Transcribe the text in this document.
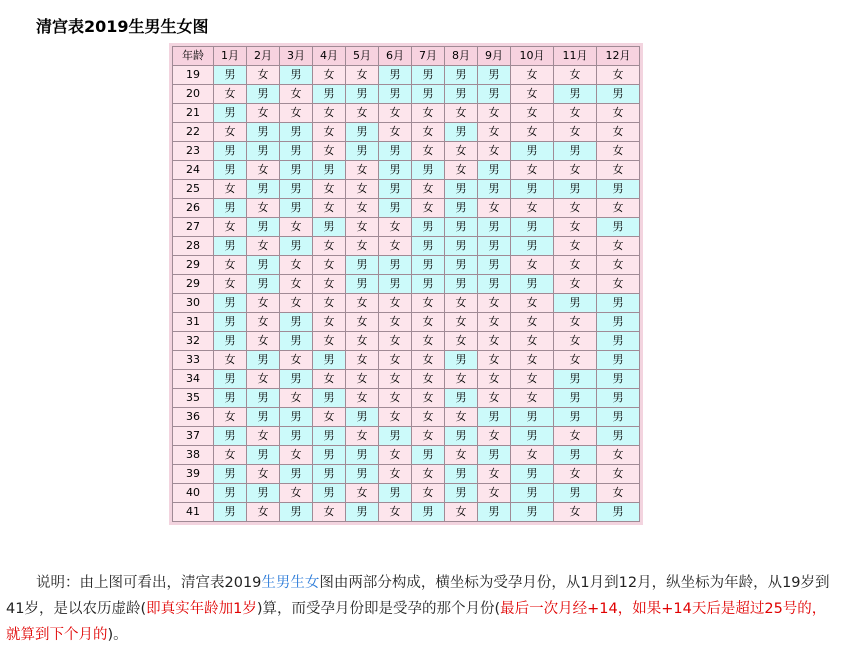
清宫表2019生男生女图
年龄	1月	2月	3月	4月	5月	6月	7月	8月	9月	10月	11月	12月
19	男	女	男	女	女	男	男	男	男	女	女	女
20	女	男	女	男	男	男	男	男	男	女	男	男
21	男	女	女	女	女	女	女	女	女	女	女	女
22	女	男	男	女	男	女	女	男	女	女	女	女
23	男	男	男	女	男	男	女	女	女	男	男	女
24	男	女	男	男	女	男	男	女	男	女	女	女
25	女	男	男	女	女	男	女	男	男	男	男	男
26	男	女	男	女	女	男	女	男	女	女	女	女
27	女	男	女	男	女	女	男	男	男	男	女	男
28	男	女	男	女	女	女	男	男	男	男	女	女
29	女	男	女	女	男	男	男	男	男	女	女	女
29	女	男	女	女	男	男	男	男	男	男	女	女
30	男	女	女	女	女	女	女	女	女	女	男	男
31	男	女	男	女	女	女	女	女	女	女	女	男
32	男	女	男	女	女	女	女	女	女	女	女	男
33	女	男	女	男	女	女	女	男	女	女	女	男
34	男	女	男	女	女	女	女	女	女	女	男	男
35	男	男	女	男	女	女	女	男	女	女	男	男
36	女	男	男	女	男	女	女	女	男	男	男	男
37	男	女	男	男	女	男	女	男	女	男	女	男
38	女	男	女	男	男	女	男	女	男	女	男	女
39	男	女	男	男	男	女	女	男	女	男	女	女
40	男	男	女	男	女	男	女	男	女	男	男	女
41	男	女	男	女	男	女	男	女	男	男	女	男
说明：由上图可看出，清宫表2019生男生女图由两部分构成，横坐标为受孕月份，从1月到12月，纵坐标为年龄，从19岁到41岁，是以农历虚龄(即真实年龄加1岁)算，而受孕月份即是受孕的那个月份(最后一次月经+14，如果+14天后是超过25号的，就算到下个月的)。
